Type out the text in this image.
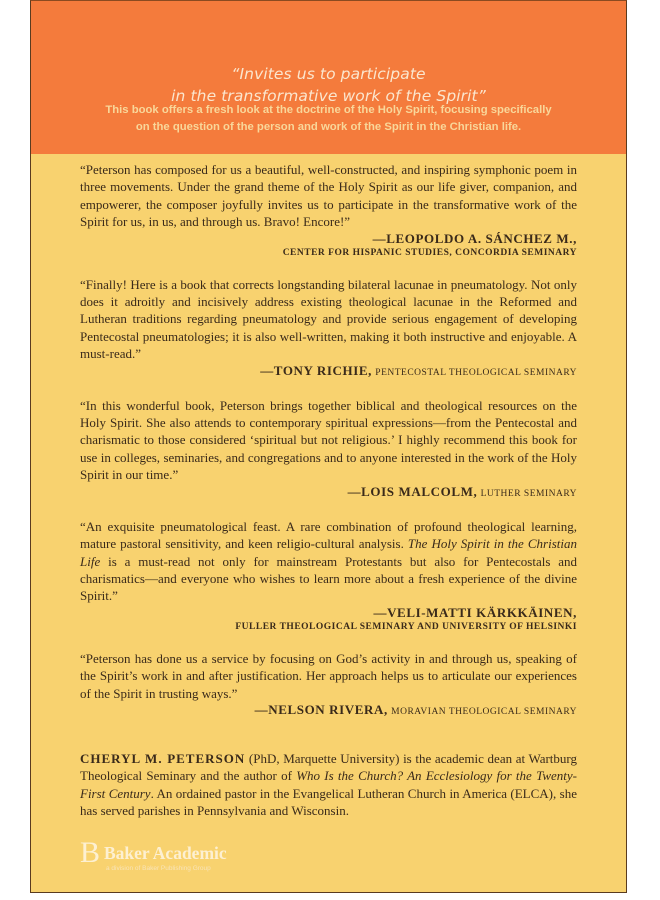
“Invites us to participate
in the transformative work of the Spirit”
This book offers a fresh look at the doctrine of the Holy Spirit, focusing specifically
on the question of the person and work of the Spirit in the Christian life.

“Peterson has composed for us a beautiful, well-constructed, and inspiring symphonic poem in three movements. Under the grand theme of the Holy Spirit as our life giver, companion, and empowerer, the composer joyfully invites us to participate in the transformative work of the Spirit for us, in us, and through us. Bravo! Encore!”

—LEOPOLDO A. SÁNCHEZ M.,

CENTER FOR HISPANIC STUDIES, CONCORDIA SEMINARY

“Finally! Here is a book that corrects longstanding bilateral lacunae in pneumatology. Not only does it adroitly and incisively address existing theological lacunae in the Reformed and Lutheran traditions regarding pneumatology and provide serious engagement of developing Pentecostal pneumatologies; it is also well-written, making it both instructive and enjoyable. A must-read.”

—TONY RICHIE, PENTECOSTAL THEOLOGICAL SEMINARY

“In this wonderful book, Peterson brings together biblical and theological resources on the Holy Spirit. She also attends to contemporary spiritual expressions—from the Pentecostal and charismatic to those considered ‘spiritual but not religious.’ I highly recommend this book for use in colleges, seminaries, and congregations and to anyone interested in the work of the Holy Spirit in our time.”

—LOIS MALCOLM, LUTHER SEMINARY

“An exquisite pneumatological feast. A rare combination of profound theological learning, mature pastoral sensitivity, and keen religio-cultural analysis. The Holy Spirit in the Christian Life is a must-read not only for mainstream Protestants but also for Pentecostals and charismatics—and everyone who wishes to learn more about a fresh experience of the divine Spirit.”

—VELI-MATTI KÄRKKÄINEN,

FULLER THEOLOGICAL SEMINARY AND UNIVERSITY OF HELSINKI

“Peterson has done us a service by focusing on God’s activity in and through us, speaking of the Spirit’s work in and after justification. Her approach helps us to articulate our experiences of the Spirit in trusting ways.”

—NELSON RIVERA, MORAVIAN THEOLOGICAL SEMINARY

CHERYL M. PETERSON (PhD, Marquette University) is the academic dean at Wartburg Theological Seminary and the author of Who Is the Church? An Ecclesiology for the Twenty-First Century. An ordained pastor in the Evangelical Lutheran Church in America (ELCA), she has served parishes in Pennsylvania and Wisconsin.

B Baker Academic
a division of Baker Publishing Group
